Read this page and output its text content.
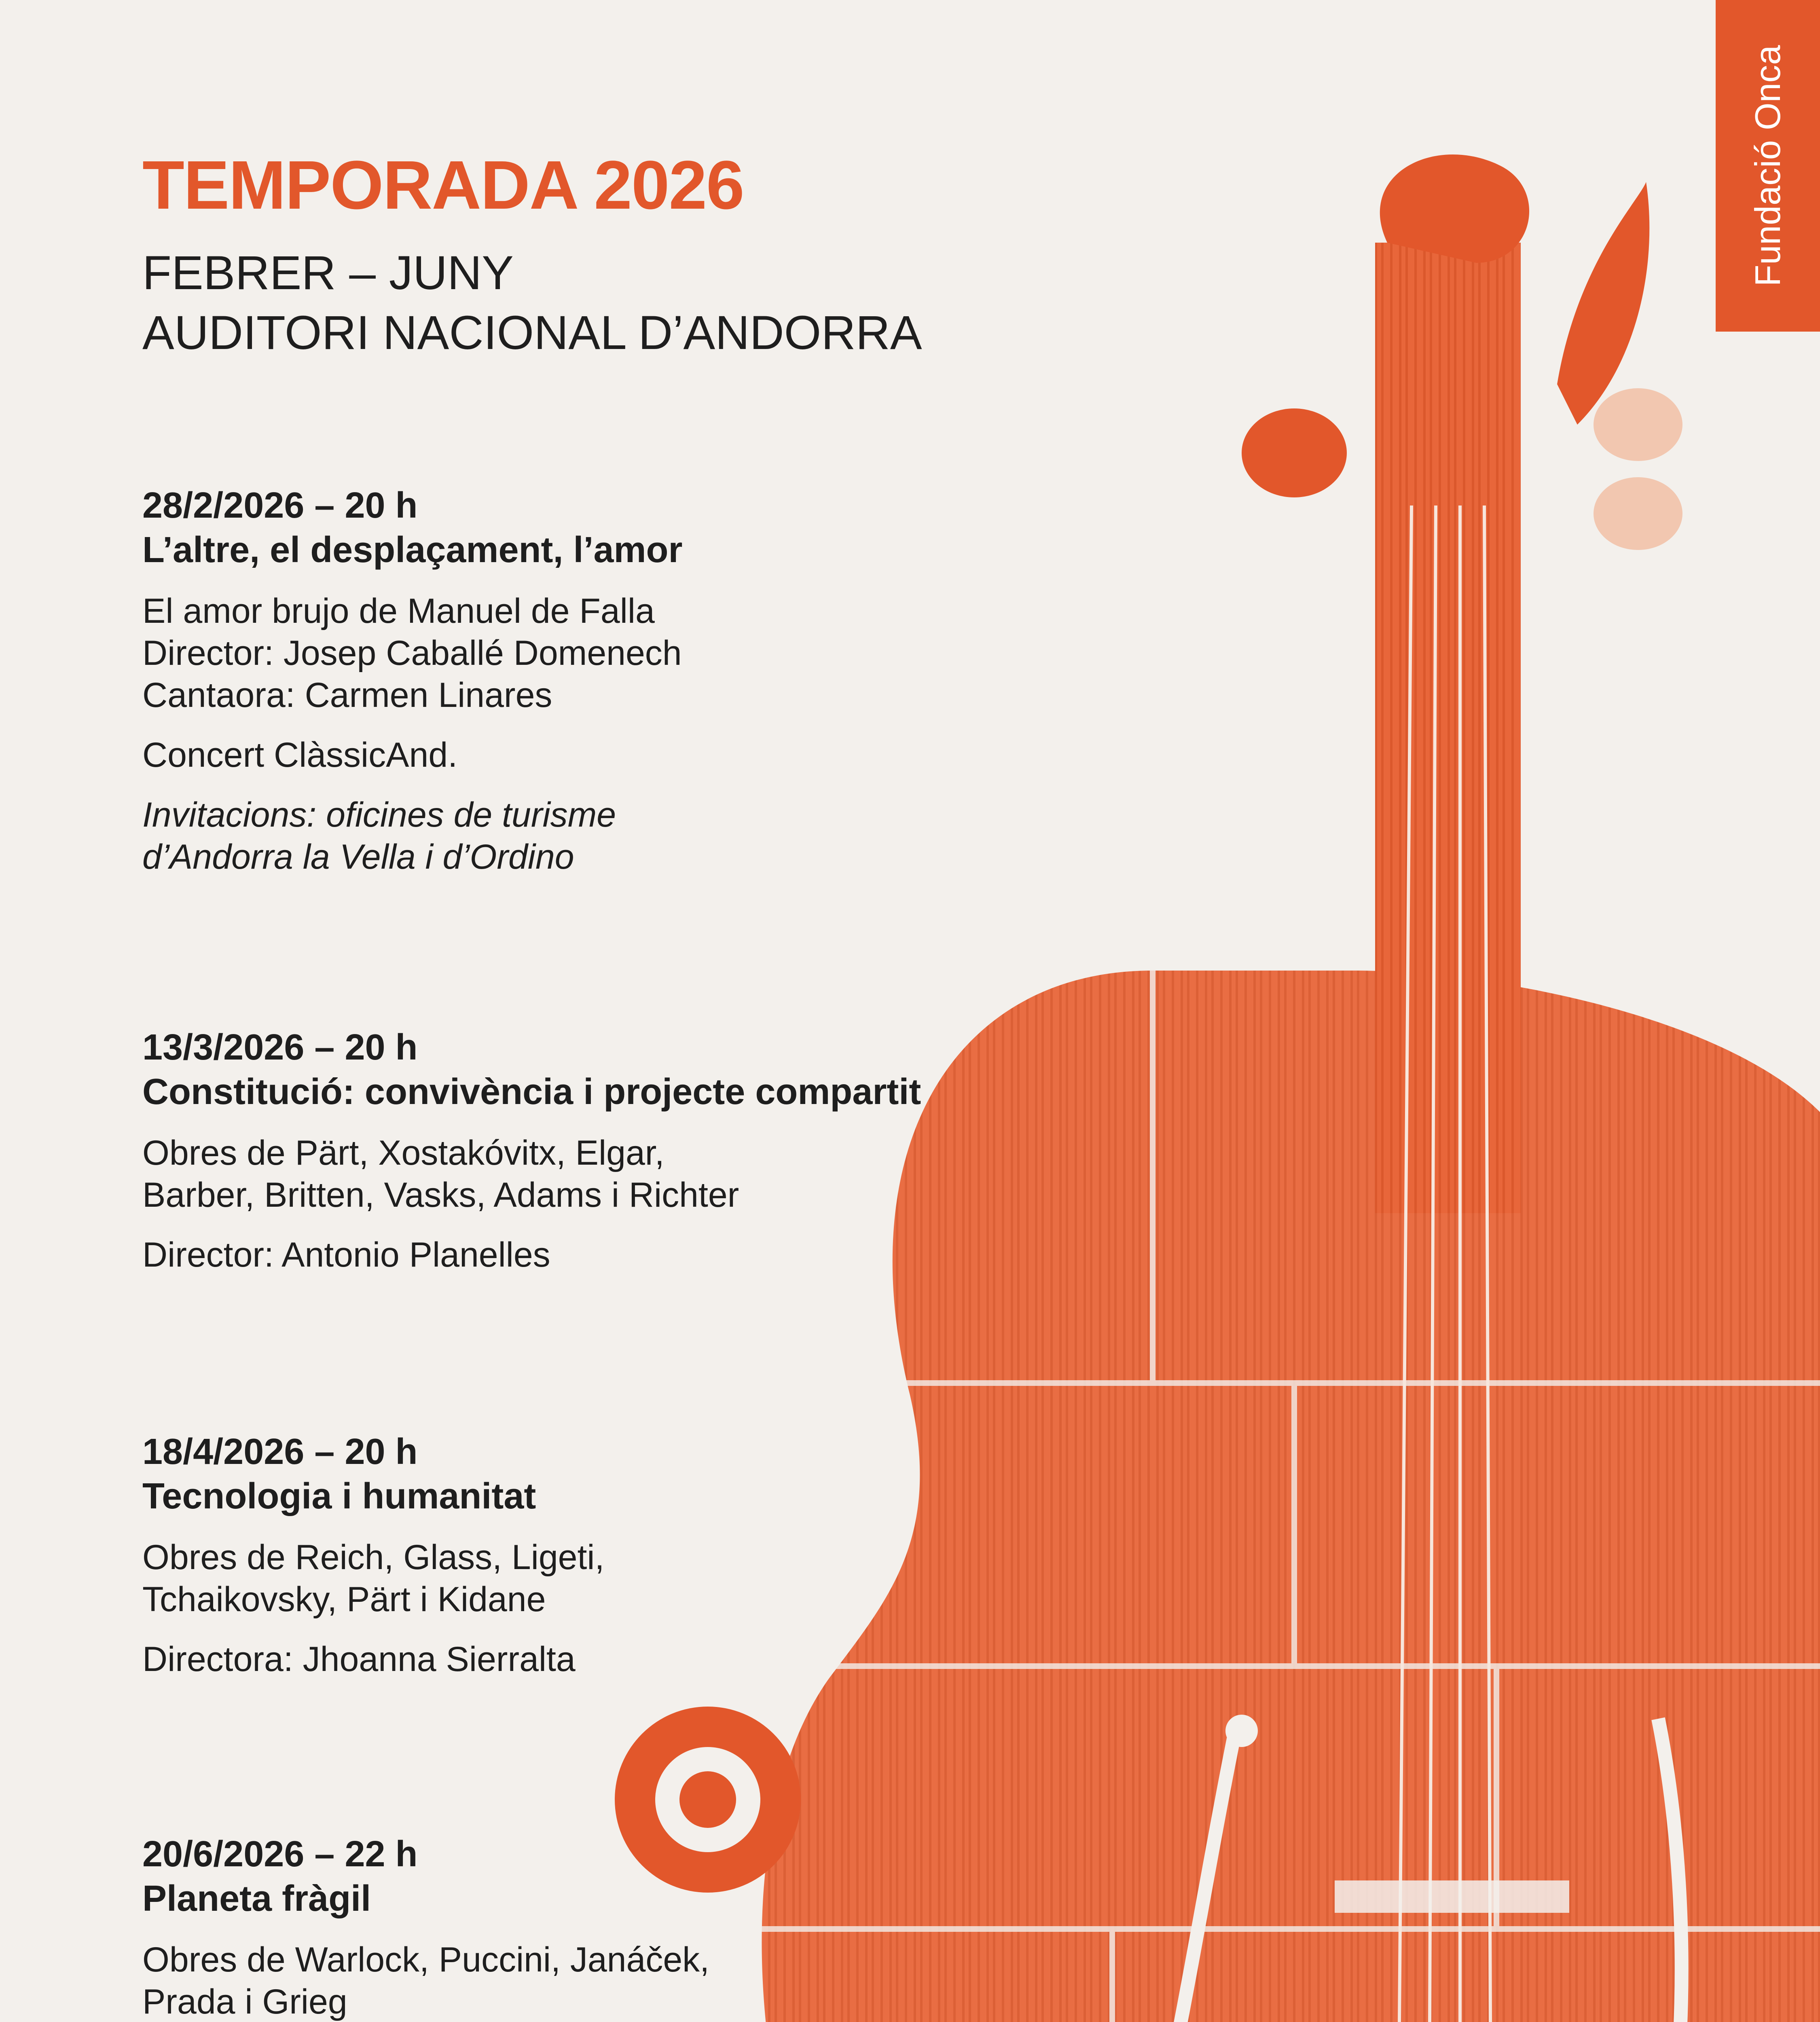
Fundació Onca
TEMPORADA 2026
FEBRER – JUNY
AUDITORI NACIONAL D’ANDORRA
28/2/2026 – 20 h
L’altre, el desplaçament, l’amor
El amor brujo de Manuel de Falla
Director: Josep Caballé Domenech
Cantaora: Carmen Linares
Concert ClàssicAnd.
Invitacions: oficines de turisme
d’Andorra la Vella i d’Ordino
13/3/2026 – 20 h
Constitució: convivència i projecte compartit
Obres de Pärt, Xostakóvitx, Elgar,
Barber, Britten, Vasks, Adams i Richter
Director: Antonio Planelles
18/4/2026 – 20 h
Tecnologia i humanitat
Obres de Reich, Glass, Ligeti,
Tchaikovsky, Pärt i Kidane
Directora: Jhoanna Sierralta
20/6/2026 – 22 h
Planeta fràgil
Obres de Warlock, Puccini, Janáček,
Prada i Grieg
